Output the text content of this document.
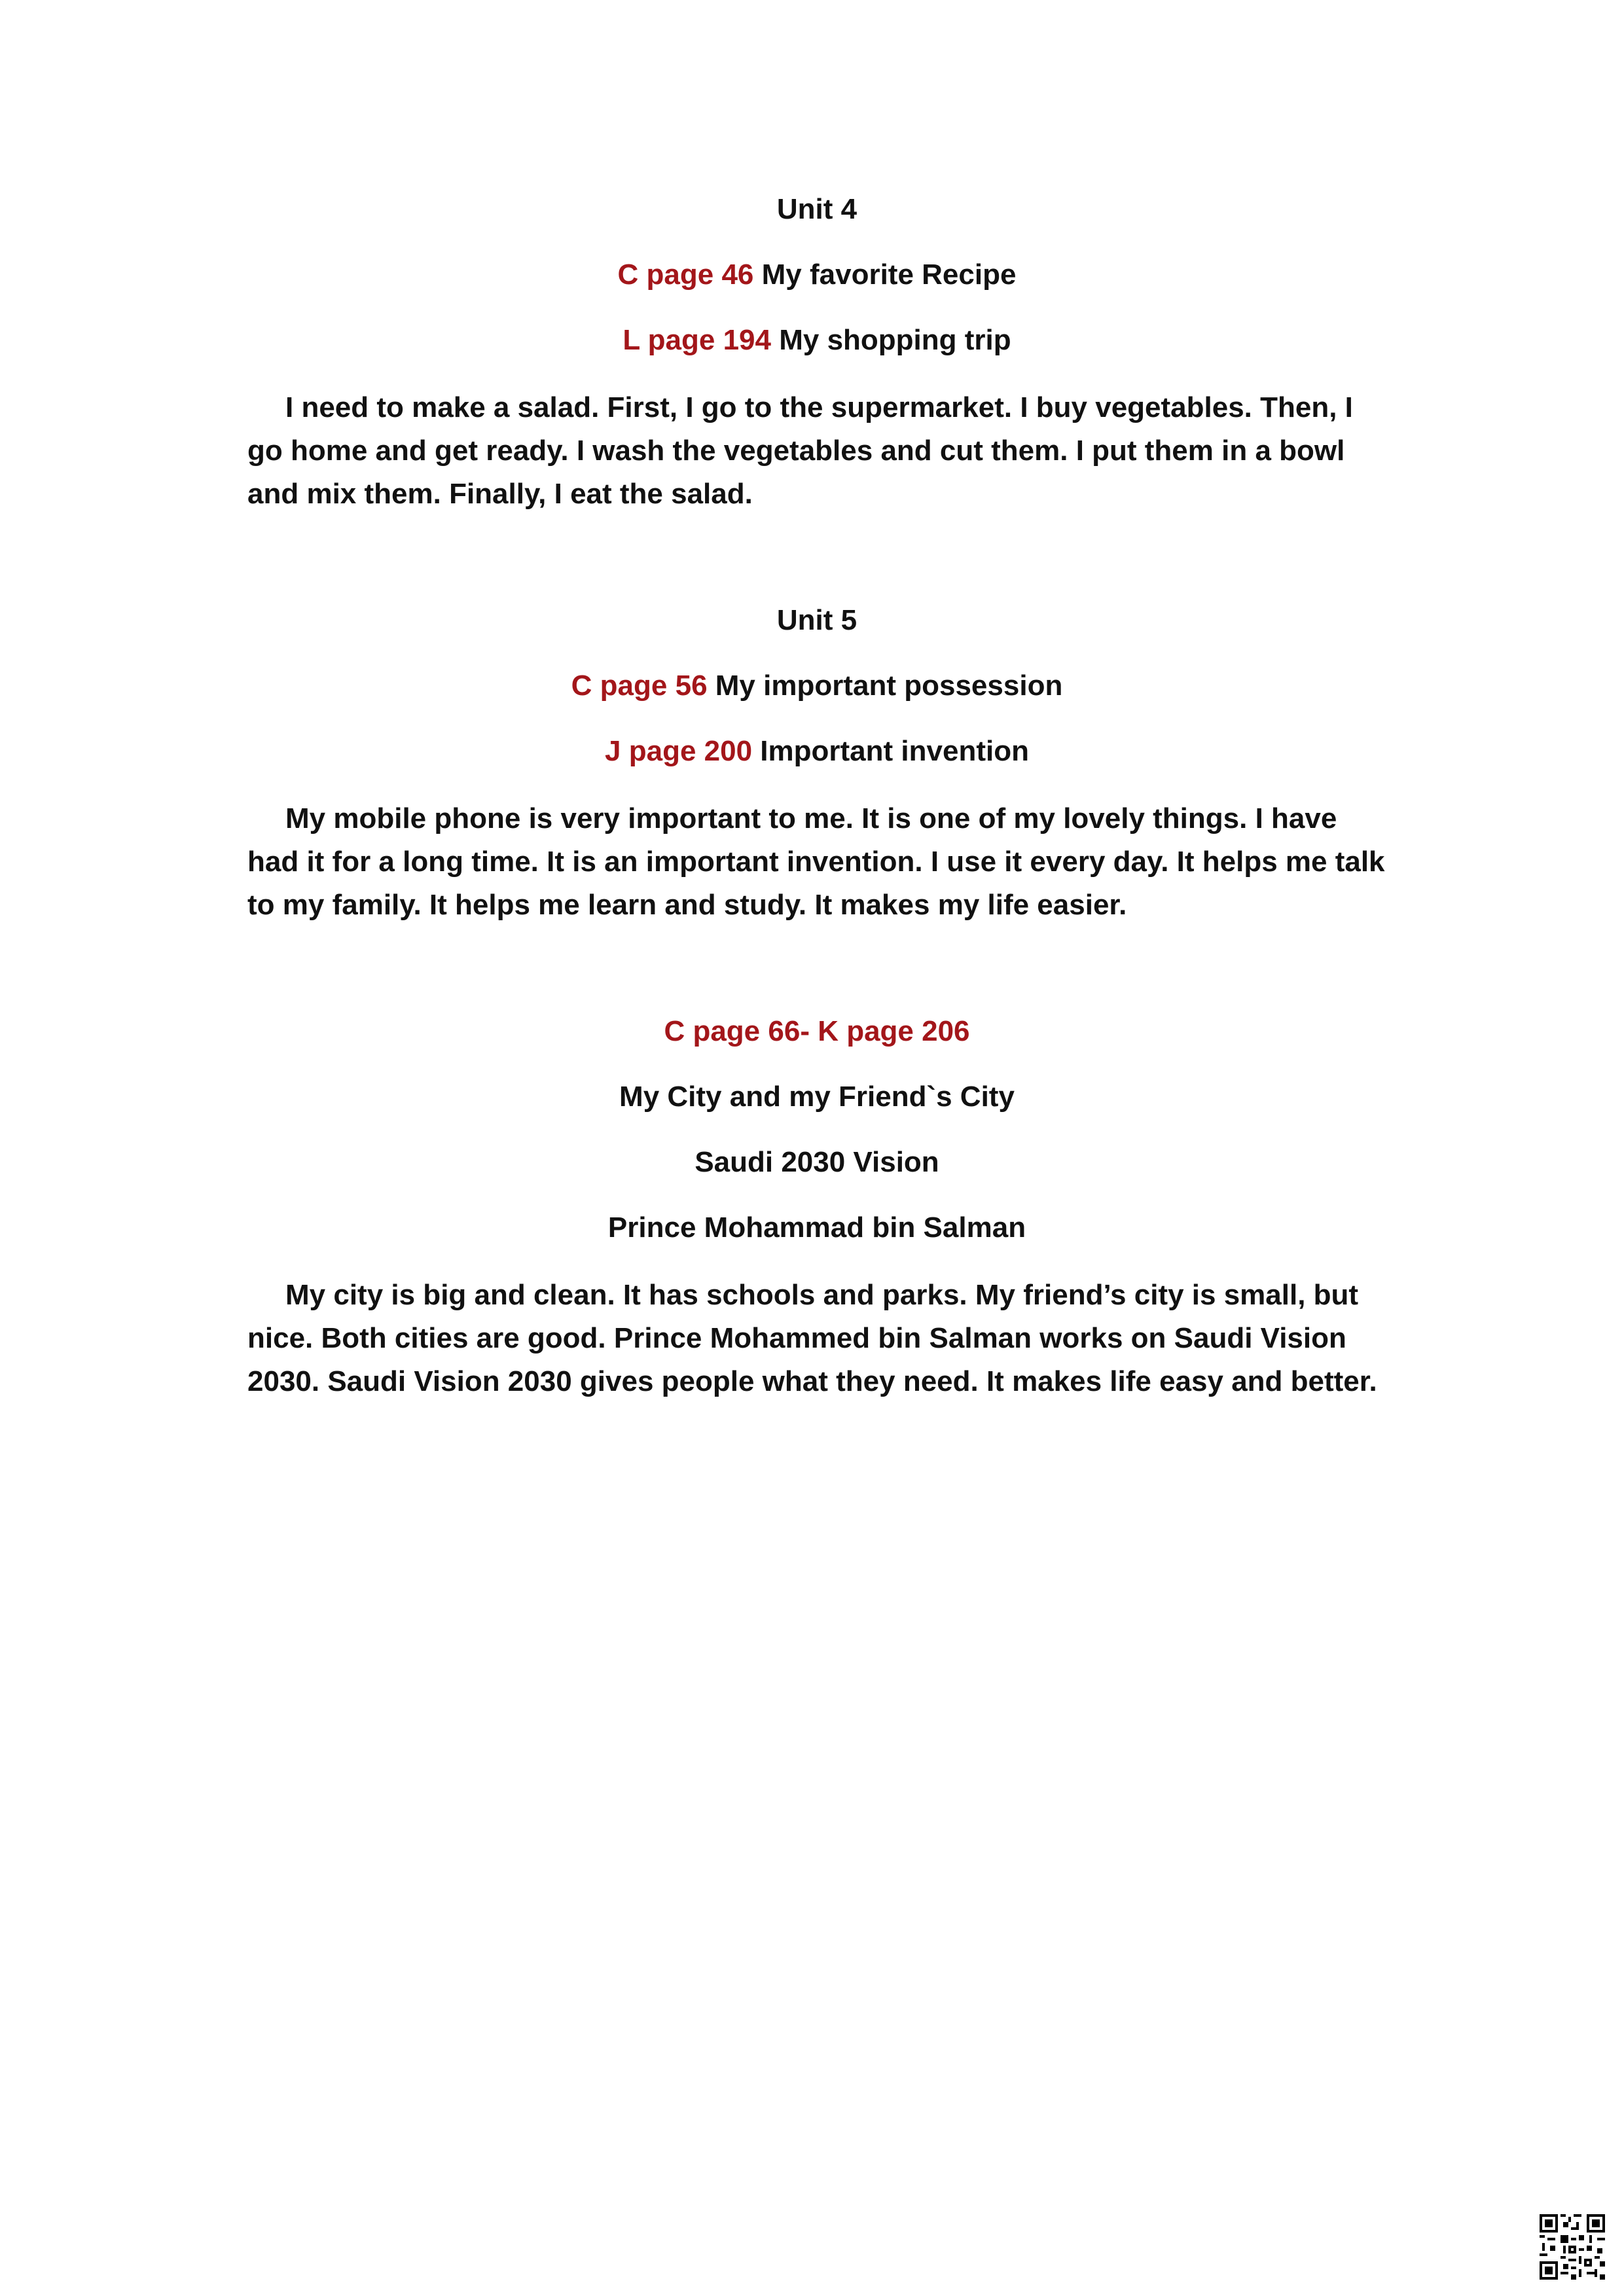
Unit 4

C page 46 My favorite Recipe

L page 194 My shopping trip

I need to make a salad. First, I go to the supermarket. I buy vegetables. Then, I go home and get ready. I wash the vegetables and cut them. I put them in a bowl and mix them. Finally, I eat the salad.

Unit 5

C page 56 My important possession

J page 200 Important invention

My mobile phone is very important to me. It is one of my lovely things. I have had it for a long time. It is an important invention. I use it every day. It helps me talk to my family. It helps me learn and study. It makes my life easier.

C page 66- K page 206

My City and my Friend`s City

Saudi 2030 Vision

Prince Mohammad bin Salman

My city is big and clean. It has schools and parks. My friend’s city is small, but nice. Both cities are good. Prince Mohammed bin Salman works on Saudi Vision 2030. Saudi Vision 2030 gives people what they need. It makes life easy and better.
